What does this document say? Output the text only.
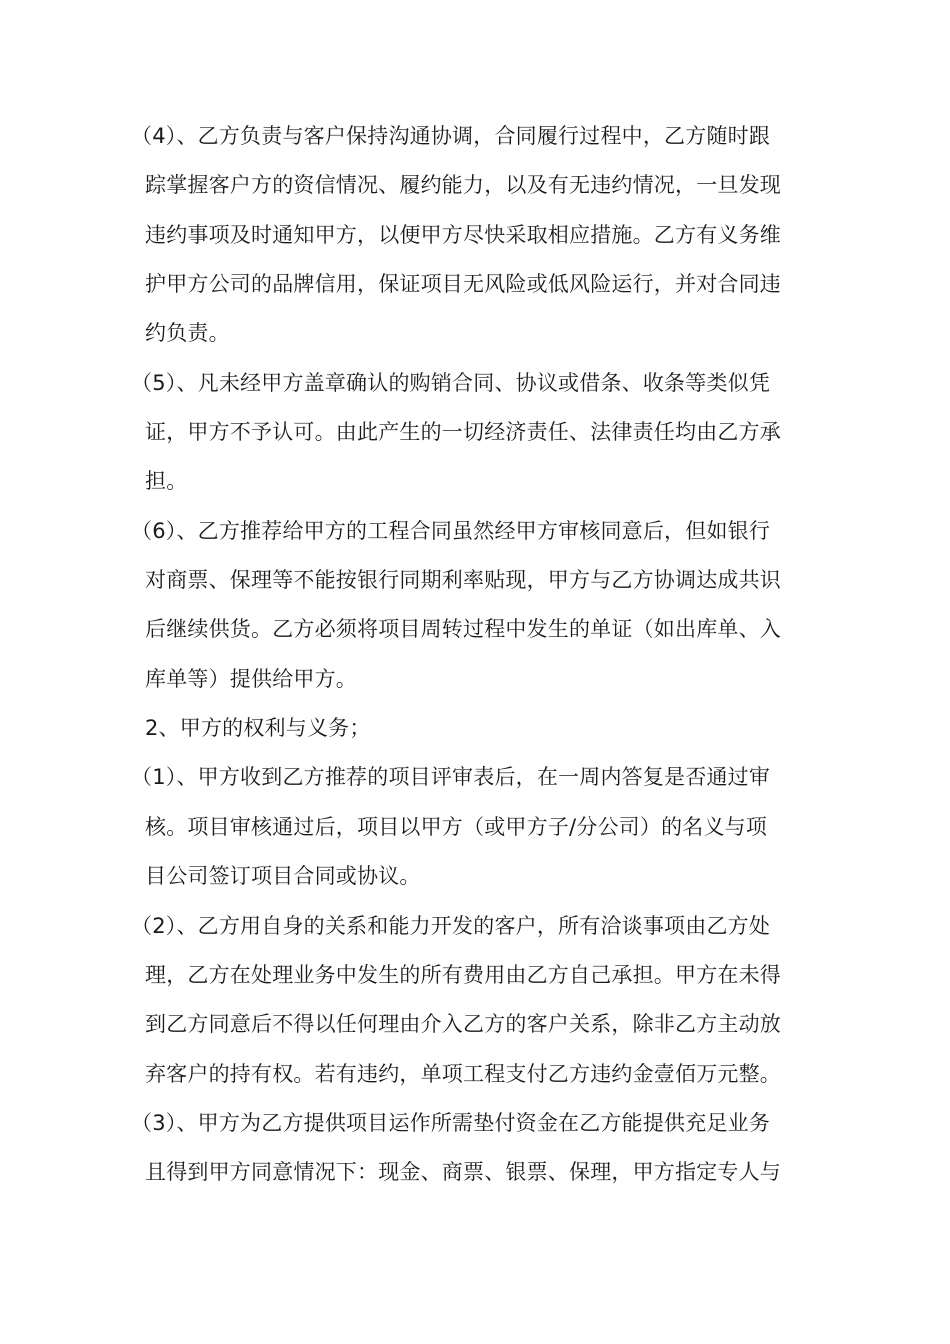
（4）、乙方负责与客户保持沟通协调，合同履行过程中，乙方随时跟
踪掌握客户方的资信情况、履约能力，以及有无违约情况，一旦发现
违约事项及时通知甲方，以便甲方尽快采取相应措施。乙方有义务维
护甲方公司的品牌信用，保证项目无风险或低风险运行，并对合同违
约负责。
（5）、凡未经甲方盖章确认的购销合同、协议或借条、收条等类似凭
证，甲方不予认可。由此产生的一切经济责任、法律责任均由乙方承
担。
（6）、乙方推荐给甲方的工程合同虽然经甲方审核同意后，但如银行
对商票、保理等不能按银行同期利率贴现，甲方与乙方协调达成共识
后继续供货。乙方必须将项目周转过程中发生的单证（如出库单、入
库单等）提供给甲方。
2、甲方的权利与义务；
（1）、甲方收到乙方推荐的项目评审表后，在一周内答复是否通过审
核。项目审核通过后，项目以甲方（或甲方子/分公司）的名义与项
目公司签订项目合同或协议。
（2）、乙方用自身的关系和能力开发的客户，所有洽谈事项由乙方处
理，乙方在处理业务中发生的所有费用由乙方自己承担。甲方在未得
到乙方同意后不得以任何理由介入乙方的客户关系，除非乙方主动放
弃客户的持有权。若有违约，单项工程支付乙方违约金壹佰万元整。
（3）、甲方为乙方提供项目运作所需垫付资金在乙方能提供充足业务
且得到甲方同意情况下：现金、商票、银票、保理，甲方指定专人与
